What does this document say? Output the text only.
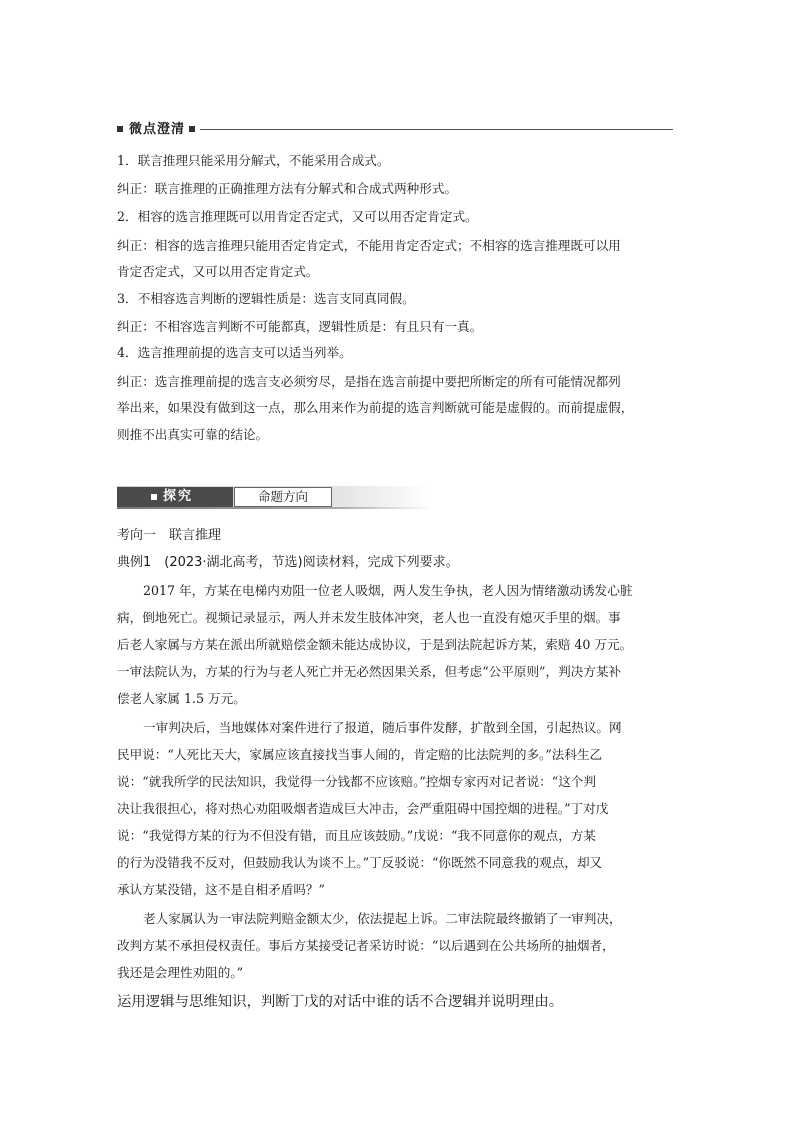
微点澄清
1．联言推理只能采用分解式，不能采用合成式。
纠正：联言推理的正确推理方法有分解式和合成式两种形式。
2．相容的选言推理既可以用肯定否定式，又可以用否定肯定式。
纠正：相容的选言推理只能用否定肯定式，不能用肯定否定式；不相容的选言推理既可以用
肯定否定式，又可以用否定肯定式。
3．不相容选言判断的逻辑性质是：选言支同真同假。
纠正：不相容选言判断不可能都真，逻辑性质是：有且只有一真。
4．选言推理前提的选言支可以适当列举。
纠正：选言推理前提的选言支必须穷尽，是指在选言前提中要把所断定的所有可能情况都列
举出来，如果没有做到这一点，那么用来作为前提的选言判断就可能是虚假的。而前提虚假，
则推不出真实可靠的结论。
探究	命题方向
考向一　联言推理
典例1　(2023·湖北高考，节选)阅读材料，完成下列要求。
2017 年，方某在电梯内劝阻一位老人吸烟，两人发生争执，老人因为情绪激动诱发心脏
病，倒地死亡。视频记录显示，两人并未发生肢体冲突，老人也一直没有熄灭手里的烟。事
后老人家属与方某在派出所就赔偿金额未能达成协议，于是到法院起诉方某，索赔 40 万元。
一审法院认为，方某的行为与老人死亡并无必然因果关系，但考虑“公平原则”，判决方某补
偿老人家属 1.5 万元。
一审判决后，当地媒体对案件进行了报道，随后事件发酵，扩散到全国，引起热议。网
民甲说：“人死比天大，家属应该直接找当事人闹的，肯定赔的比法院判的多。”法科生乙
说：“就我所学的民法知识，我觉得一分钱都不应该赔。”控烟专家丙对记者说：“这个判
决让我很担心，将对热心劝阻吸烟者造成巨大冲击，会严重阻碍中国控烟的进程。”丁对戊
说：“我觉得方某的行为不但没有错，而且应该鼓励。”戊说：“我不同意你的观点，方某
的行为没错我不反对，但鼓励我认为谈不上。”丁反驳说：“你既然不同意我的观点，却又
承认方某没错，这不是自相矛盾吗？”
老人家属认为一审法院判赔金额太少，依法提起上诉。二审法院最终撤销了一审判决，
改判方某不承担侵权责任。事后方某接受记者采访时说：“以后遇到在公共场所的抽烟者，
我还是会理性劝阻的。”
运用逻辑与思维知识，判断丁戊的对话中谁的话不合逻辑并说明理由。
